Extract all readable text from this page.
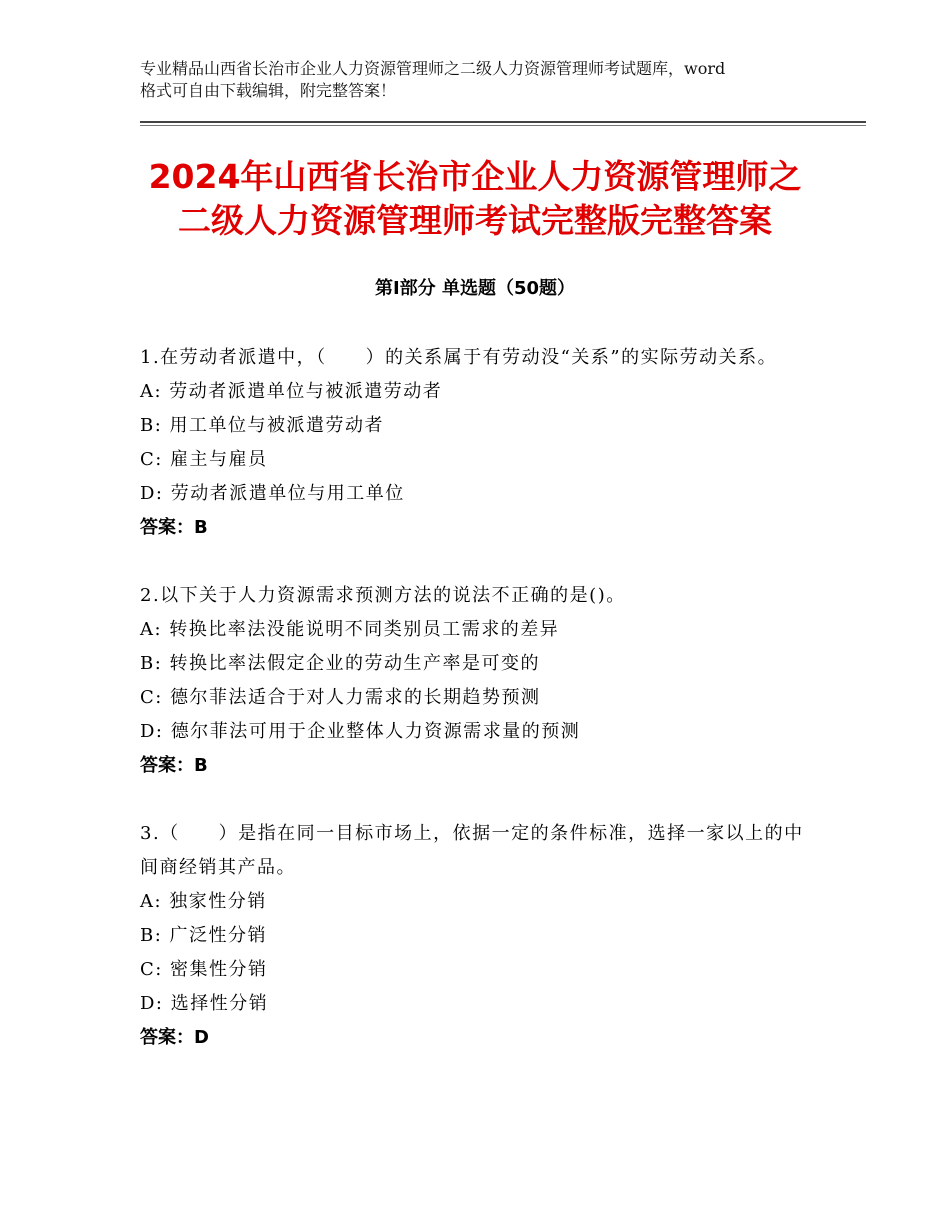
专业精品山西省长治市企业人力资源管理师之二级人力资源管理师考试题库，word
格式可自由下载编辑，附完整答案！
2024年山西省长治市企业人力资源管理师之
二级人力资源管理师考试完整版完整答案
第Ⅰ部分 单选题（50题）
1.在劳动者派遣中，（　　）的关系属于有劳动没“关系”的实际劳动关系。
A: 劳动者派遣单位与被派遣劳动者
B: 用工单位与被派遣劳动者
C: 雇主与雇员
D: 劳动者派遣单位与用工单位
答案：B
2.以下关于人力资源需求预测方法的说法不正确的是()。
A: 转换比率法没能说明不同类别员工需求的差异
B: 转换比率法假定企业的劳动生产率是可变的
C: 德尔菲法适合于对人力需求的长期趋势预测
D: 德尔菲法可用于企业整体人力资源需求量的预测
答案：B
3.（　　）是指在同一目标市场上，依据一定的条件标准，选择一家以上的中间商经销其产品。
A: 独家性分销
B: 广泛性分销
C: 密集性分销
D: 选择性分销
答案：D
